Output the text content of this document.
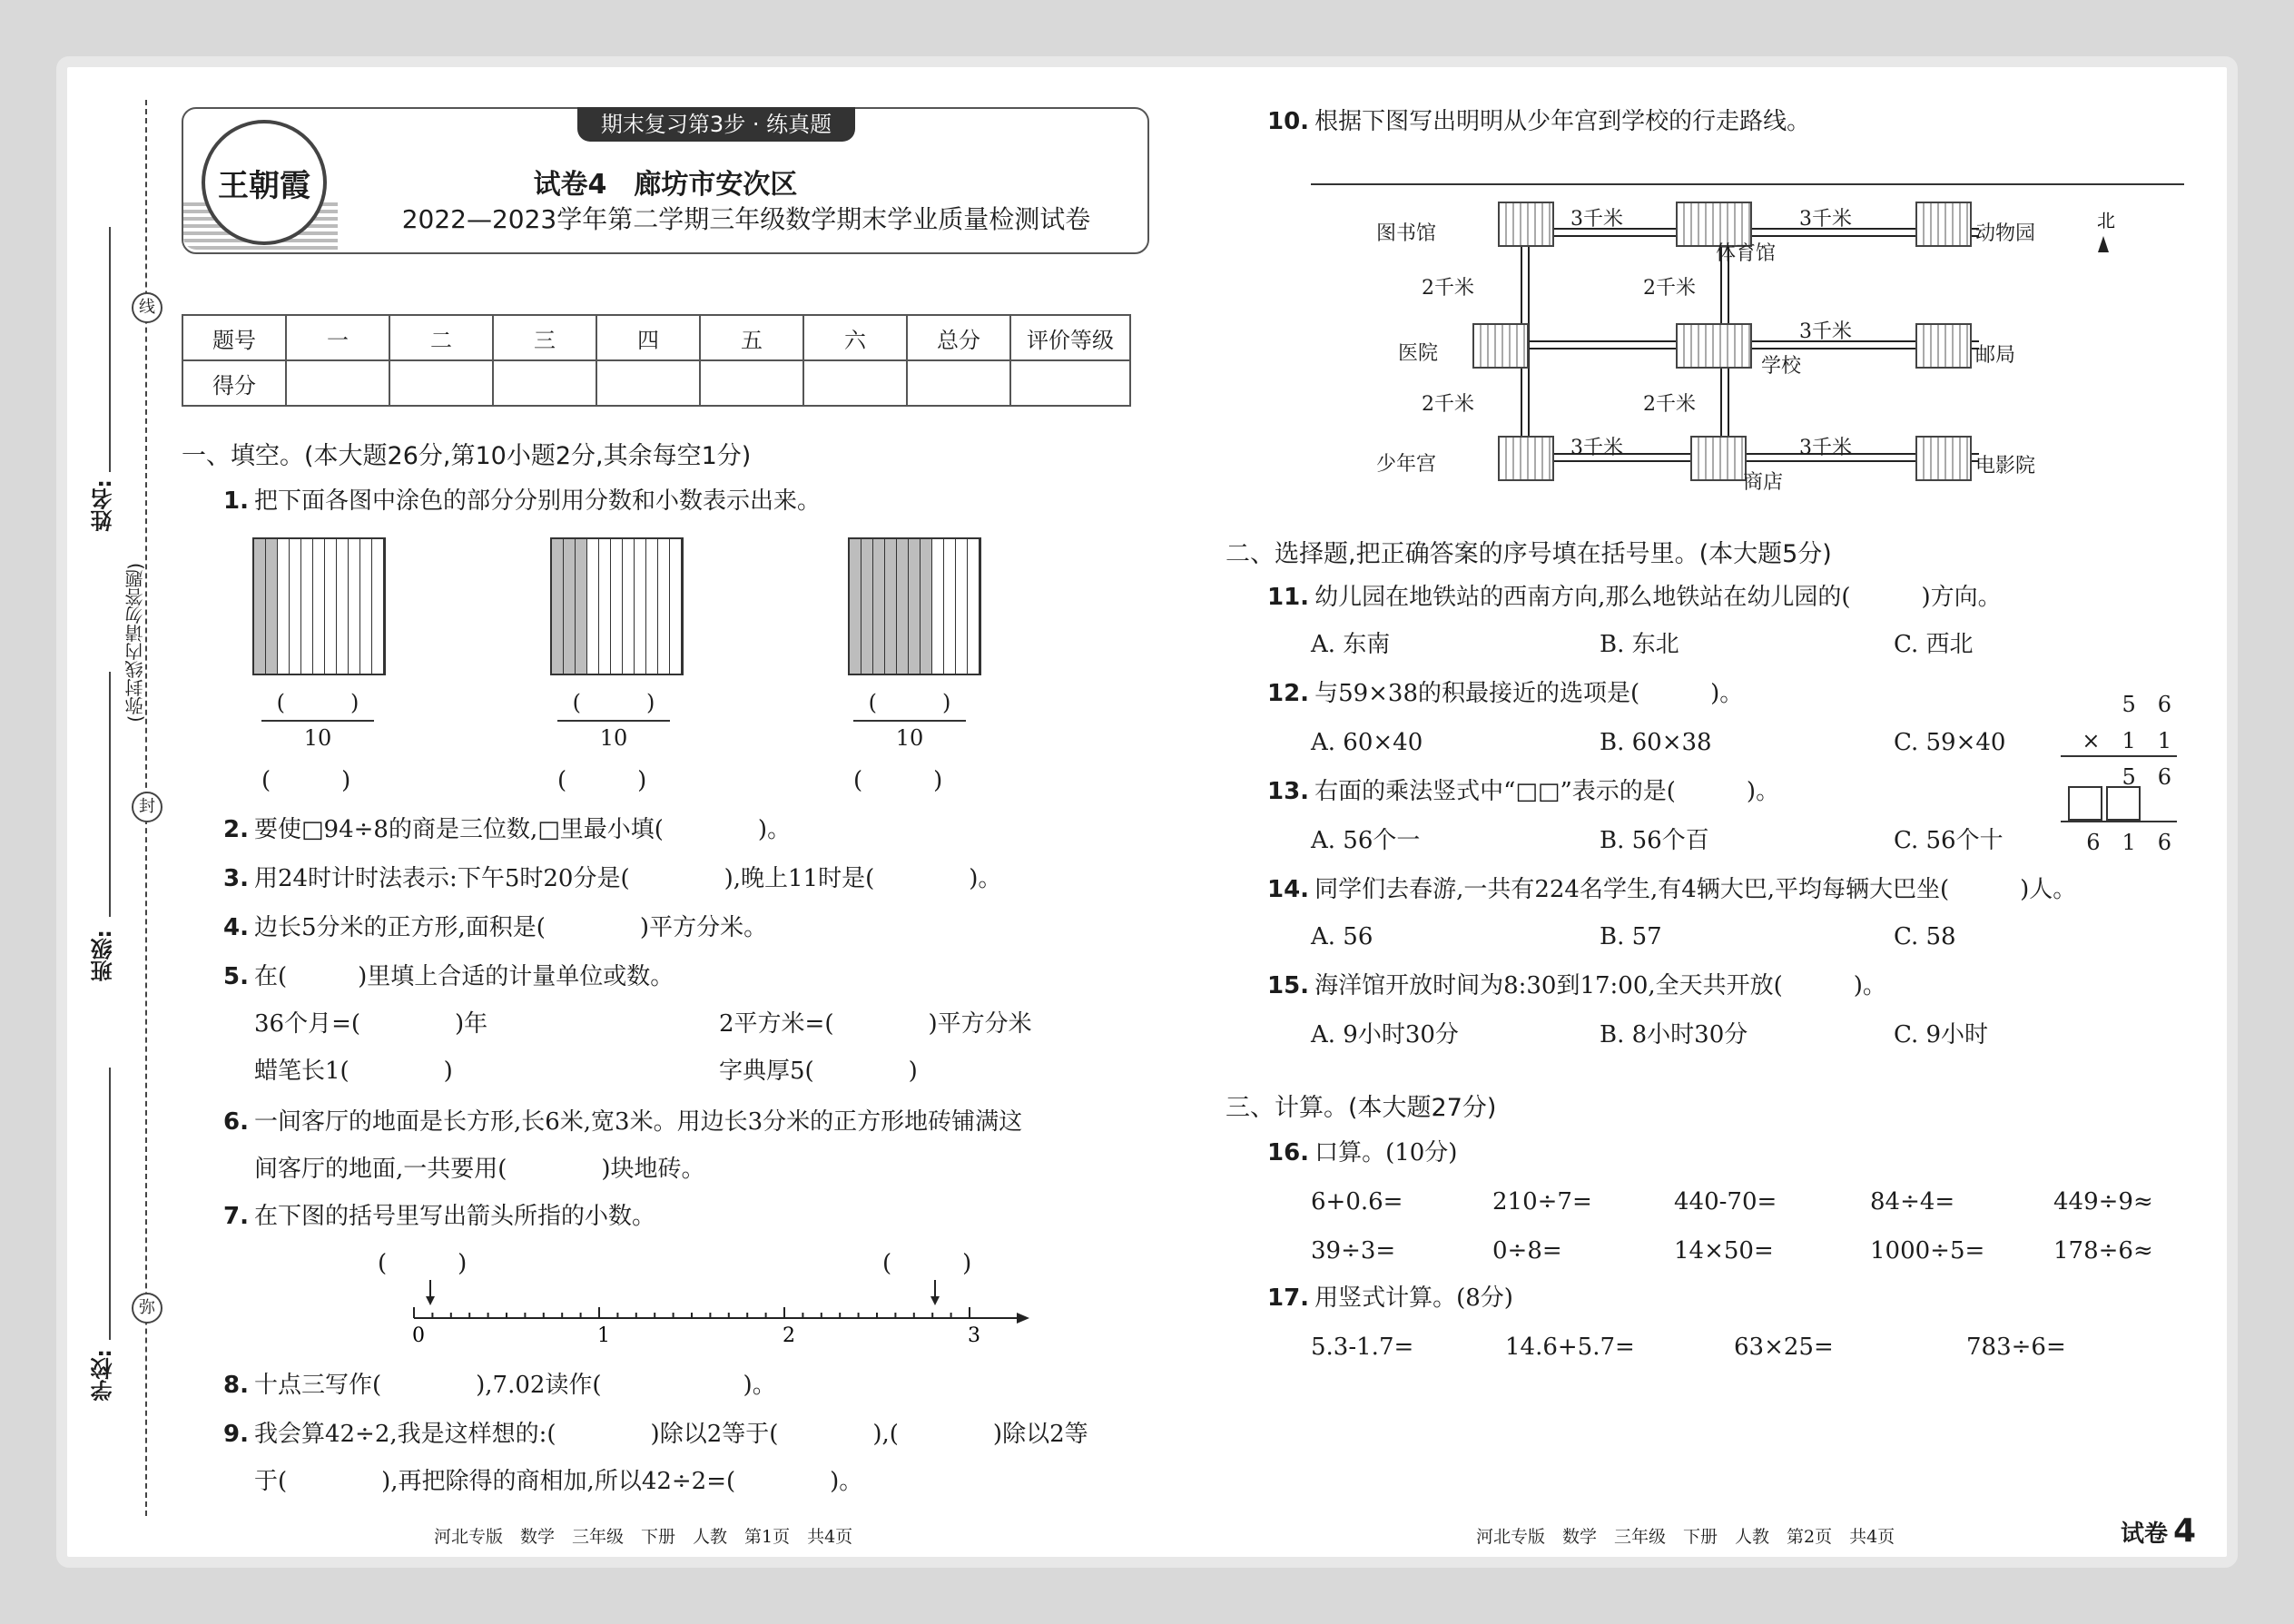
线
封
弥
姓名:
班级:
学校:
(弥封线内请勿答题)
王朝霞
期末复习第3步 · 练真题
试卷4　廊坊市安次区
2022—2023学年第二学期三年级数学期末学业质量检测试卷
题号	一	二	三	四	五	六	总分	评价等级
得分								
一、填空。(本大题26分,第10小题2分,其余每空1分)
1. 把下面各图中涂色的部分分别用分数和小数表示出来。
(　　　)
10
(　　　)
10
(　　　)
10
(　　　)	(　　　)	(　　　)
2. 要使□94÷8的商是三位数,□里最小填(　　　　)。
3. 用24时计时法表示:下午5时20分是(　　　　),晚上11时是(　　　　)。
4. 边长5分米的正方形,面积是(　　　　)平方分米。
5. 在(　　　)里填上合适的计量单位或数。
36个月=(　　　　)年	2平方米=(　　　　)平方分米
蜡笔长1(　　　　)	字典厚5(　　　　)
6. 一间客厅的地面是长方形,长6米,宽3米。用边长3分米的正方形地砖铺满这
间客厅的地面,一共要用(　　　　)块地砖。
7. 在下图的括号里写出箭头所指的小数。
0	1	2	3
(　　　)	(　　　)
8. 十点三写作(　　　　),7.02读作(　　　　　　)。
9. 我会算42÷2,我是这样想的:(　　　　)除以2等于(　　　　),(　　　　)除以2等
于(　　　　),再把除得的商相加,所以42÷2=(　　　　)。
10. 根据下图写出明明从少年宫到学校的行走路线。
北
图书馆
体育馆
动物园
医院
学校	邮局
少年宫
商店
电影院
3千米	3千米
3千米
3千米	3千米
2千米	2千米
2千米	2千米
二、选择题,把正确答案的序号填在括号里。(本大题5分)
11. 幼儿园在地铁站的西南方向,那么地铁站在幼儿园的(　　　)方向。
A. 东南	B. 东北	C. 西北
12. 与59×38的积最接近的选项是(　　　)。
A. 60×40	B. 60×38	C. 59×40
13. 右面的乘法竖式中“□□”表示的是(　　　)。
A. 56个一	B. 56个百	C. 56个十
5　6
×　1　1
5　6
6　1　6
14. 同学们去春游,一共有224名学生,有4辆大巴,平均每辆大巴坐(　　　)人。
A. 56	B. 57	C. 58
15. 海洋馆开放时间为8:30到17:00,全天共开放(　　　)。
A. 9小时30分	B. 8小时30分	C. 9小时
三、计算。(本大题27分)
16. 口算。(10分)
6+0.6=	210÷7=	440-70=	84÷4=	449÷9≈
39÷3=	0÷8=	14×50=	1000÷5=	178÷6≈
17. 用竖式计算。(8分)
5.3-1.7=	14.6+5.7=	63×25=	783÷6=
河北专版　数学　三年级　下册　人教　第1页　共4页	河北专版　数学　三年级　下册　人教　第2页　共4页	试卷 4
